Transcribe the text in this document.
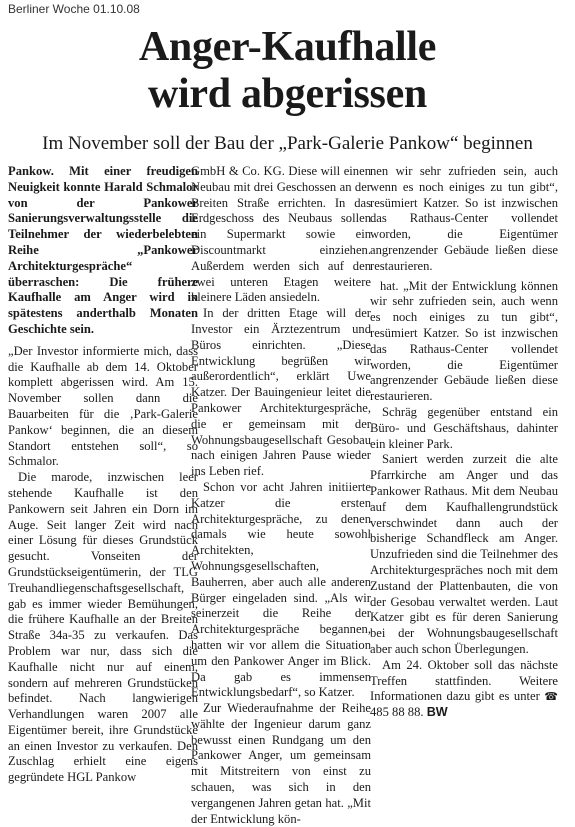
Berliner Woche 01.10.08
Anger-Kaufhalle
wird abgerissen
Im November soll der Bau der „Park-Galerie Pankow“ beginnen

Pankow. Mit einer freudigen Neuigkeit konnte Harald Schmalor von der Pankower Sanierungsverwaltungsstelle die Teilnehmer der wiederbelebten Reihe „Pankower Architekturgespräche“ überraschen: Die frühere Kaufhalle am Anger wird in spätestens anderthalb Monaten Geschichte sein.

„Der Investor informierte mich, dass die Kaufhalle ab dem 14. Oktober komplett abgerissen wird. Am 15. November sollen dann die Bauarbeiten für die ‚Park-Galerie Pankow‘ beginnen, die an diesem Standort entstehen soll“, so Schmalor.

Die marode, inzwischen leer stehende Kaufhalle ist den Pankowern seit Jahren ein Dorn im Auge. Seit langer Zeit wird nach einer Lösung für dieses Grundstück gesucht. Vonseiten der Grundstückseigentümerin, der TLG Treuhandliegenschaftsgesellschaft, gab es immer wieder Bemühungen, die frühere Kaufhalle an der Breiten Straße 34a-35 zu verkaufen. Das Problem war nur, dass sich die Kaufhalle nicht nur auf einem, sondern auf mehreren Grundstücken befindet. Nach langwierigen Verhandlungen waren 2007 alle Eigentümer bereit, ihre Grundstücke an einen Investor zu verkaufen. Den Zuschlag erhielt eine eigens gegründete HGL Pankow

GmbH & Co. KG. Diese will einen Neubau mit drei Geschossen an der Breiten Straße errichten. In das Erdgeschoss des Neubaus sollen ein Supermarkt sowie ein Discountmarkt einziehen. Außerdem werden sich auf den zwei unteren Etagen weitere kleinere Läden ansiedeln.

In der dritten Etage will der Investor ein Ärztezentrum und Büros einrichten. „Diese Entwicklung begrüßen wir außerordentlich“, erklärt Uwe Katzer. Der Bauingenieur leitet die Pankower Architekturgespräche, die er gemeinsam mit der Wohnungsbaugesellschaft Gesobau nach einigen Jahren Pause wieder ins Leben rief.

Schon vor acht Jahren initiierte Katzer die ersten Architekturgespräche, zu denen damals wie heute sowohl Architekten, Wohnungsgesellschaften, Bauherren, aber auch alle anderen Bürger eingeladen sind. „Als wir seinerzeit die Reihe der Architekturgespräche begannen, hatten wir vor allem die Situation um den Pankower Anger im Blick. Da gab es immensen Entwicklungsbedarf“, so Katzer.

Zur Wiederaufnahme der Reihe wählte der Ingenieur darum ganz bewusst einen Rundgang um den Pankower Anger, um gemeinsam mit Mitstreitern von einst zu schauen, was sich in den vergangenen Jahren getan hat. „Mit der Entwicklung kön-

nen wir sehr zufrieden sein, auch wenn es noch einiges zu tun gibt“, resümiert Katzer. So ist inzwischen das Rathaus-Center vollendet worden, die Eigentümer angrenzender Gebäude ließen diese restaurieren.

hat. „Mit der Entwicklung können wir sehr zufrieden sein, auch wenn es noch einiges zu tun gibt“, resümiert Katzer. So ist inzwischen das Rathaus-Center vollendet worden, die Eigentümer angrenzender Gebäude ließen diese restaurieren.

Schräg gegenüber entstand ein Büro- und Geschäftshaus, dahinter ein kleiner Park.

Saniert werden zurzeit die alte Pfarrkirche am Anger und das Pankower Rathaus. Mit dem Neubau auf dem Kaufhallengrundstück verschwindet dann auch der bisherige Schandfleck am Anger. Unzufrieden sind die Teilnehmer des Architekturgespräches noch mit dem Zustand der Plattenbauten, die von der Gesobau verwaltet werden. Laut Katzer gibt es für deren Sanierung bei der Wohnungsbaugesellschaft aber auch schon Überlegungen.

Am 24. Oktober soll das nächste Treffen stattfinden. Weitere Informationen dazu gibt es unter ☎ 485 88 88. BW
